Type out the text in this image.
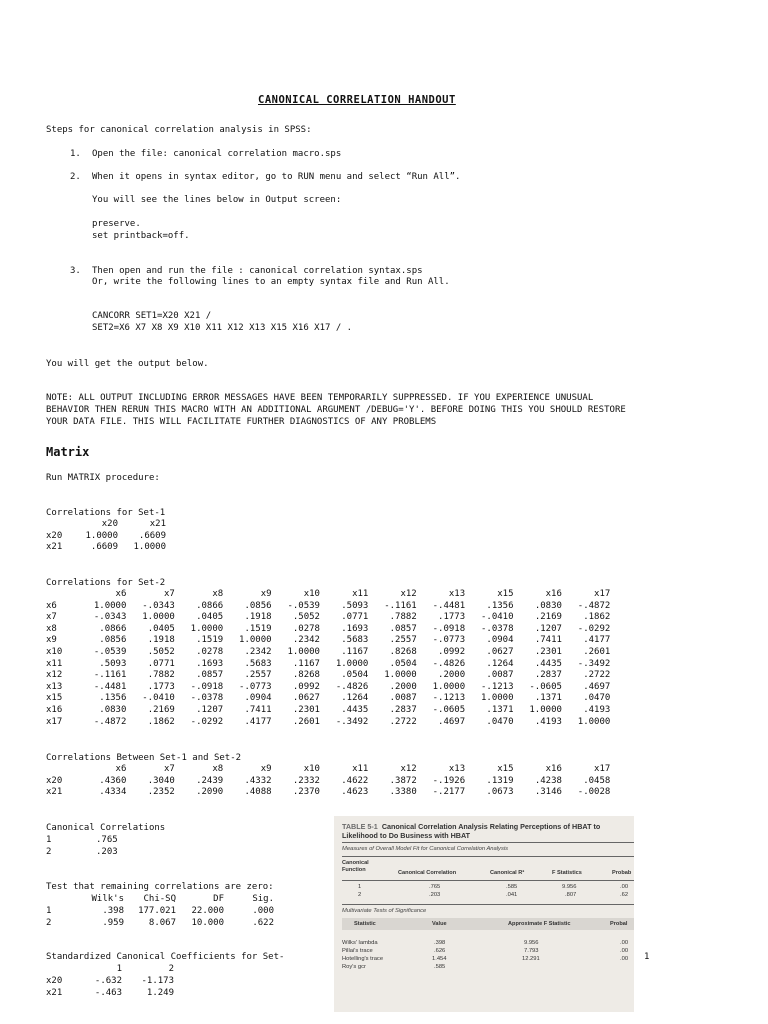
CANONICAL CORRELATION HANDOUT
Steps for canonical correlation analysis in SPSS:
1. Open the file: canonical correlation macro.sps
2. When it opens in syntax editor, go to RUN menu and select “Run All”.
You will see the lines below in Output screen:
preserve.
set printback=off.
3. Then open and run the file : canonical correlation syntax.sps
Or, write the following lines to an empty syntax file and Run All.
CANCORR SET1=X20 X21 /
SET2=X6 X7 X8 X9 X10 X11 X12 X13 X15 X16 X17 / .
You will get the output below.
NOTE: ALL OUTPUT INCLUDING ERROR MESSAGES HAVE BEEN TEMPORARILY SUPPRESSED. IF YOU EXPERIENCE UNUSUAL
BEHAVIOR THEN RERUN THIS MACRO WITH AN ADDITIONAL ARGUMENT /DEBUG='Y'. BEFORE DOING THIS YOU SHOULD RESTORE
YOUR DATA FILE. THIS WILL FACILITATE FURTHER DIAGNOSTICS OF ANY PROBLEMS
Matrix
Run MATRIX procedure:
Correlations for Set-1
	x20	x21
x20	1.0000	.6609
x21	.6609	1.0000
Correlations for Set-2
	x6	x7	x8	x9	x10	x11	x12	x13	x15	x16	x17
x6	1.0000	-.0343	.0866	.0856	-.0539	.5093	-.1161	-.4481	.1356	.0830	-.4872
x7	-.0343	1.0000	.0405	.1918	.5052	.0771	.7882	.1773	-.0410	.2169	.1862
x8	.0866	.0405	1.0000	.1519	.0278	.1693	.0857	-.0918	-.0378	.1207	-.0292
x9	.0856	.1918	.1519	1.0000	.2342	.5683	.2557	-.0773	.0904	.7411	.4177
x10	-.0539	.5052	.0278	.2342	1.0000	.1167	.8268	.0992	.0627	.2301	.2601
x11	.5093	.0771	.1693	.5683	.1167	1.0000	.0504	-.4826	.1264	.4435	-.3492
x12	-.1161	.7882	.0857	.2557	.8268	.0504	1.0000	.2000	.0087	.2837	.2722
x13	-.4481	.1773	-.0918	-.0773	.0992	-.4826	.2000	1.0000	-.1213	-.0605	.4697
x15	.1356	-.0410	-.0378	.0904	.0627	.1264	.0087	-.1213	1.0000	.1371	.0470
x16	.0830	.2169	.1207	.7411	.2301	.4435	.2837	-.0605	.1371	1.0000	.4193
x17	-.4872	.1862	-.0292	.4177	.2601	-.3492	.2722	.4697	.0470	.4193	1.0000
Correlations Between Set-1 and Set-2
	x6	x7	x8	x9	x10	x11	x12	x13	x15	x16	x17
x20	.4360	.3040	.2439	.4332	.2332	.4622	.3872	-.1926	.1319	.4238	.0458
x21	.4334	.2352	.2090	.4088	.2370	.4623	.3380	-.2177	.0673	.3146	-.0028
Canonical Correlations
1	.765
2	.203
Test that remaining correlations are zero:
	Wilk's	Chi-SQ	DF	Sig.
1	.398	177.021	22.000	.000
2	.959	8.067	10.000	.622
Standardized Canonical Coefficients for Set-	1
	1	2
x20	-.632	-1.173
x21	-.463	1.249
TABLE 5-1 Canonical Correlation Analysis Relating Perceptions of HBAT to Likelihood to Do Business with HBAT
Measures of Overall Model Fit for Canonical Correlation Analysis
Canonical Function	Canonical Correlation	Canonical R²	F Statistics	Probab
1	.765	.585	9.956	.00
2	.203	.041	.807	.62
Multivariate Tests of Significance
Statistic	Value	Approximate F Statistic	Probal
Wilks' lambda	.398	9.956	.00
Pillai's trace	.626	7.793	.00
Hotelling's trace	1.454	12.291	.00
Roy's gcr	.585
